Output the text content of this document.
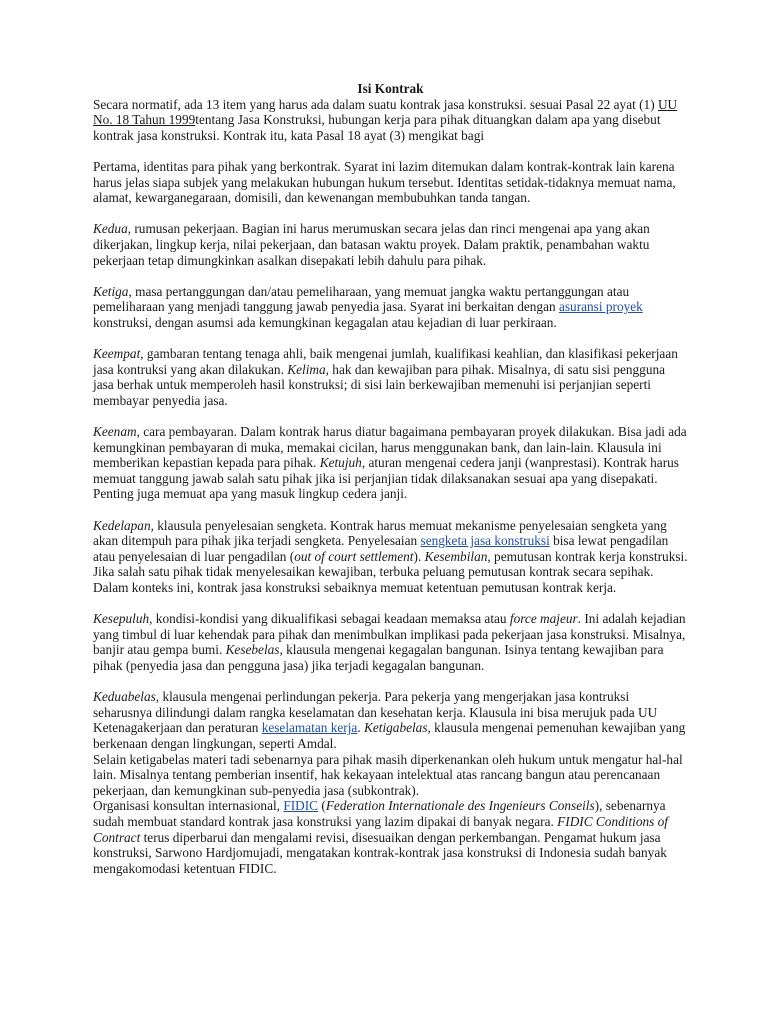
Isi Kontrak

Secara normatif, ada 13 item yang harus ada dalam suatu kontrak jasa konstruksi. sesuai Pasal 22 ayat (1) UU No. 18 Tahun 1999tentang Jasa Konstruksi, hubungan kerja para pihak dituangkan dalam apa yang disebut kontrak jasa konstruksi. Kontrak itu, kata Pasal 18 ayat (3) mengikat bagi

Pertama, identitas para pihak yang berkontrak. Syarat ini lazim ditemukan dalam kontrak-kontrak lain karena harus jelas siapa subjek yang melakukan hubungan hukum tersebut. Identitas setidak-tidaknya memuat nama, alamat, kewarganegaraan, domisili, dan kewenangan membubuhkan tanda tangan.

Kedua, rumusan pekerjaan. Bagian ini harus merumuskan secara jelas dan rinci mengenai apa yang akan dikerjakan, lingkup kerja, nilai pekerjaan, dan batasan waktu proyek. Dalam praktik, penambahan waktu pekerjaan tetap dimungkinkan asalkan disepakati lebih dahulu para pihak.

Ketiga, masa pertanggungan dan/atau pemeliharaan, yang memuat jangka waktu pertanggungan atau pemeliharaan yang menjadi tanggung jawab penyedia jasa. Syarat ini berkaitan dengan asuransi proyek konstruksi, dengan asumsi ada kemungkinan kegagalan atau kejadian di luar perkiraan.

Keempat, gambaran tentang tenaga ahli, baik mengenai jumlah, kualifikasi keahlian, dan klasifikasi pekerjaan jasa kontruksi yang akan dilakukan. Kelima, hak dan kewajiban para pihak. Misalnya, di satu sisi pengguna jasa berhak untuk memperoleh hasil konstruksi; di sisi lain berkewajiban memenuhi isi perjanjian seperti membayar penyedia jasa.

Keenam, cara pembayaran. Dalam kontrak harus diatur bagaimana pembayaran proyek dilakukan. Bisa jadi ada kemungkinan pembayaran di muka, memakai cicilan, harus menggunakan bank, dan lain-lain. Klausula ini memberikan kepastian kepada para pihak. Ketujuh, aturan mengenai cedera janji (wanprestasi). Kontrak harus memuat tanggung jawab salah satu pihak jika isi perjanjian tidak dilaksanakan sesuai apa yang disepakati. Penting juga memuat apa yang masuk lingkup cedera janji.

Kedelapan, klausula penyelesaian sengketa. Kontrak harus memuat mekanisme penyelesaian sengketa yang akan ditempuh para pihak jika terjadi sengketa. Penyelesaian sengketa jasa konstruksi bisa lewat pengadilan atau penyelesaian di luar pengadilan (out of court settlement). Kesembilan, pemutusan kontrak kerja konstruksi. Jika salah satu pihak tidak menyelesaikan kewajiban, terbuka peluang pemutusan kontrak secara sepihak. Dalam konteks ini, kontrak jasa konstruksi sebaiknya memuat ketentuan pemutusan kontrak kerja.

Kesepuluh, kondisi-kondisi yang dikualifikasi sebagai keadaan memaksa atau force majeur. Ini adalah kejadian yang timbul di luar kehendak para pihak dan menimbulkan implikasi pada pekerjaan jasa konstruksi. Misalnya, banjir atau gempa bumi. Kesebelas, klausula mengenai kegagalan bangunan. Isinya tentang kewajiban para pihak (penyedia jasa dan pengguna jasa) jika terjadi kegagalan bangunan.

Keduabelas, klausula mengenai perlindungan pekerja. Para pekerja yang mengerjakan jasa kontruksi seharusnya dilindungi dalam rangka keselamatan dan kesehatan kerja. Klausula ini bisa merujuk pada UU Ketenagakerjaan dan peraturan keselamatan kerja. Ketigabelas, klausula mengenai pemenuhan kewajiban yang berkenaan dengan lingkungan, seperti Amdal.

Selain ketigabelas materi tadi sebenarnya para pihak masih diperkenankan oleh hukum untuk mengatur hal-hal lain. Misalnya tentang pemberian insentif, hak kekayaan intelektual atas rancang bangun atau perencanaan pekerjaan, dan kemungkinan sub-penyedia jasa (subkontrak).

Organisasi konsultan internasional, FIDIC (Federation Internationale des Ingenieurs Conseils), sebenarnya sudah membuat standard kontrak jasa konstruksi yang lazim dipakai di banyak negara. FIDIC Conditions of Contract terus diperbarui dan mengalami revisi, disesuaikan dengan perkembangan. Pengamat hukum jasa konstruksi, Sarwono Hardjomujadi, mengatakan kontrak-kontrak jasa konstruksi di Indonesia sudah banyak mengakomodasi ketentuan FIDIC.
